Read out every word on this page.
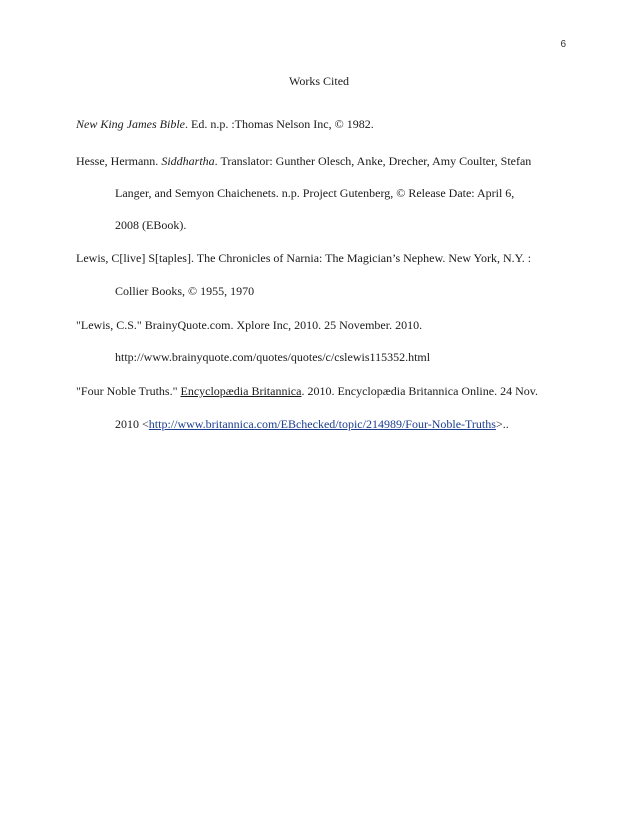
6
Works Cited
New King James Bible. Ed. n.p. :Thomas Nelson Inc, © 1982.
Hesse, Hermann. Siddhartha. Translator: Gunther Olesch, Anke, Drecher, Amy Coulter, Stefan
Langer, and Semyon Chaichenets. n.p. Project Gutenberg, © Release Date: April 6,
2008 (EBook).
Lewis, C[live] S[taples]. The Chronicles of Narnia: The Magician’s Nephew. New York, N.Y. :
Collier Books, © 1955, 1970
"Lewis, C.S." BrainyQuote.com. Xplore Inc, 2010. 25 November. 2010.
http://www.brainyquote.com/quotes/quotes/c/cslewis115352.html
"Four Noble Truths." Encyclopædia Britannica. 2010. Encyclopædia Britannica Online. 24 Nov.
2010 <http://www.britannica.com/EBchecked/topic/214989/Four-Noble-Truths>..
